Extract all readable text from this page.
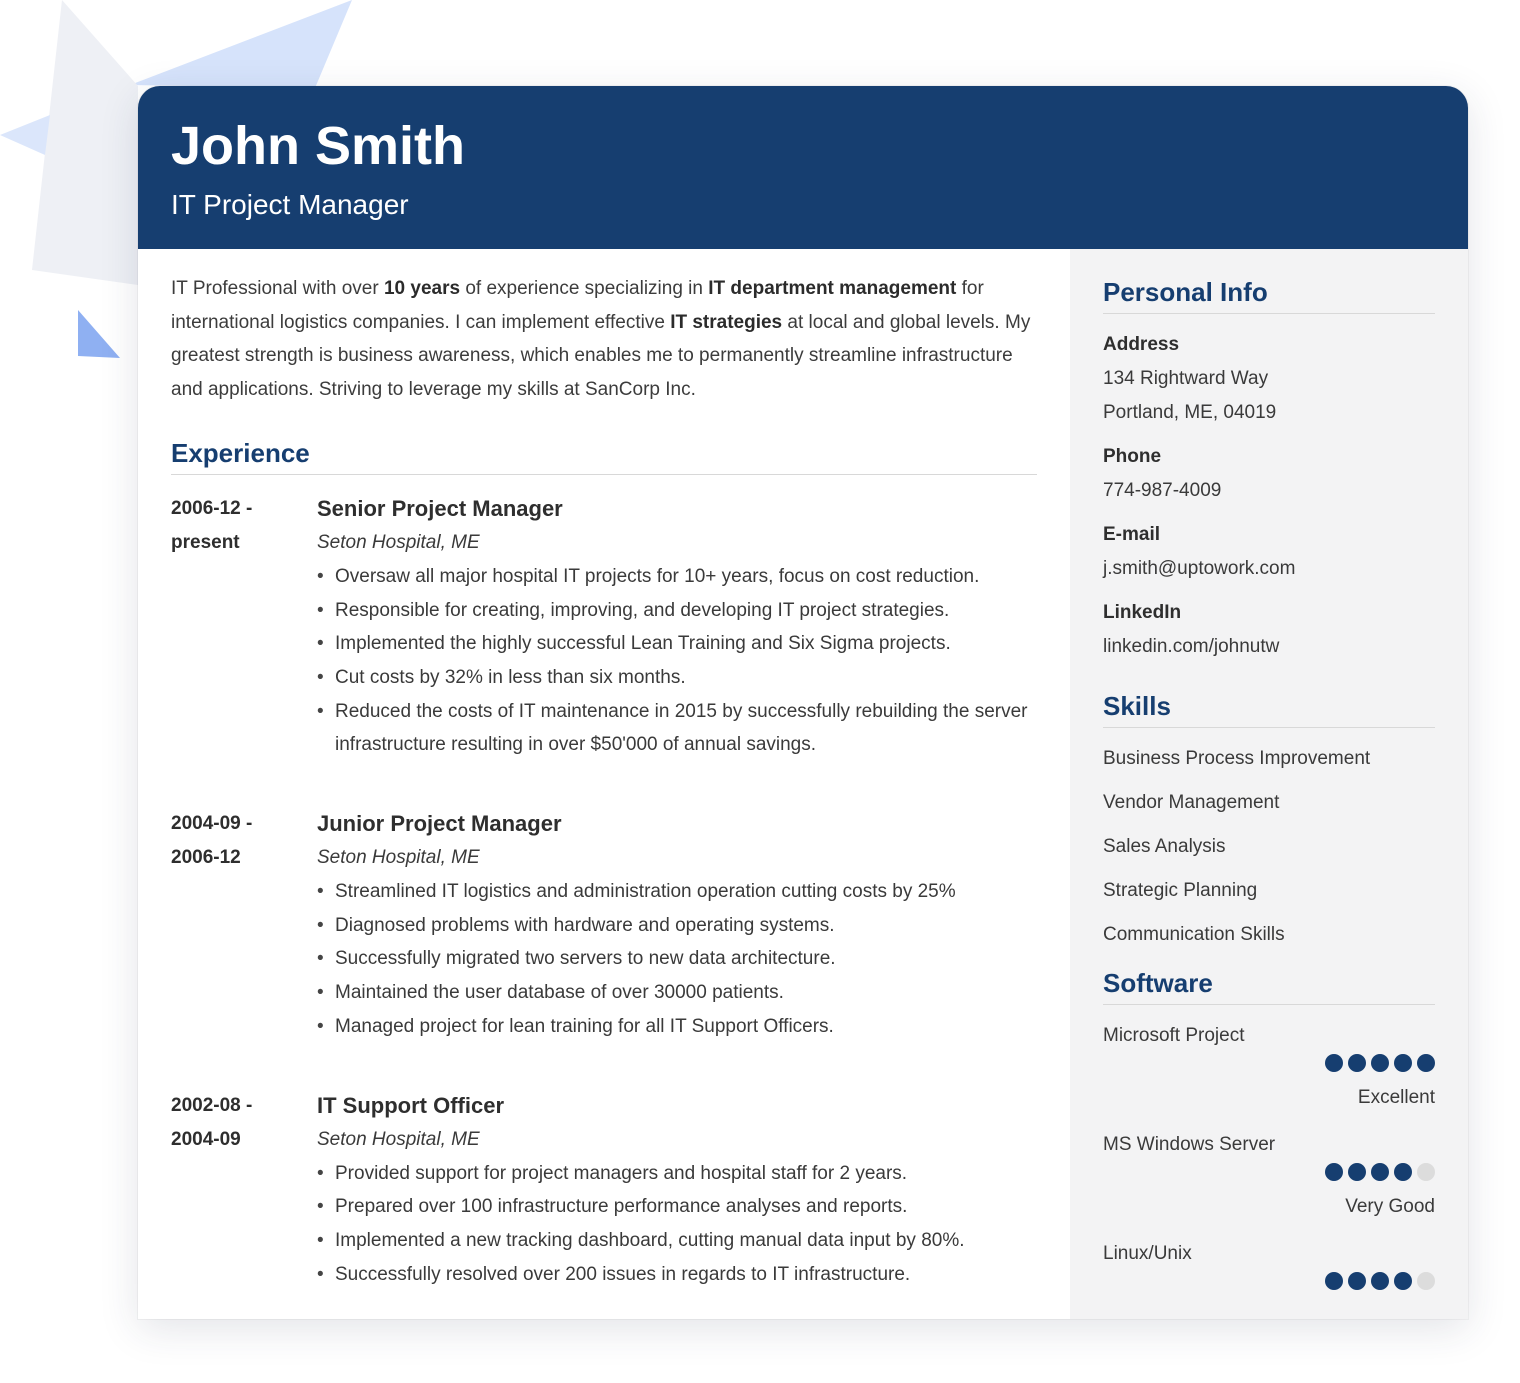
John Smith

IT Project Manager

IT Professional with over 10 years of experience specializing in IT department management for international logistics companies. I can implement effective IT strategies at local and global levels. My greatest strength is business awareness, which enables me to permanently streamline infrastructure and applications. Striving to leverage my skills at SanCorp Inc.

Experience
2006-12 -
present
Senior Project Manager

Seton Hospital, ME

• Oversaw all major hospital IT projects for 10+ years, focus on cost reduction.
• Responsible for creating, improving, and developing IT project strategies.
• Implemented the highly successful Lean Training and Six Sigma projects.
• Cut costs by 32% in less than six months.
• Reduced the costs of IT maintenance in 2015 by successfully rebuilding the server infrastructure resulting in over $50'000 of annual savings.
2004-09 -
2006-12
Junior Project Manager

Seton Hospital, ME

• Streamlined IT logistics and administration operation cutting costs by 25%
• Diagnosed problems with hardware and operating systems.
• Successfully migrated two servers to new data architecture.
• Maintained the user database of over 30000 patients.
• Managed project for lean training for all IT Support Officers.
2002-08 -
2004-09
IT Support Officer

Seton Hospital, ME

• Provided support for project managers and hospital staff for 2 years.
• Prepared over 100 infrastructure performance analyses and reports.
• Implemented a new tracking dashboard, cutting manual data input by 80%.
• Successfully resolved over 200 issues in regards to IT infrastructure.
Personal Info
Address
134 Rightward Way
Portland, ME, 04019
Phone
774-987-4009
E-mail
j.smith@uptowork.com
LinkedIn
linkedin.com/johnutw
Skills
Business Process Improvement
Vendor Management
Sales Analysis
Strategic Planning
Communication Skills
Software
Microsoft Project
Excellent
MS Windows Server
Very Good
Linux/Unix
